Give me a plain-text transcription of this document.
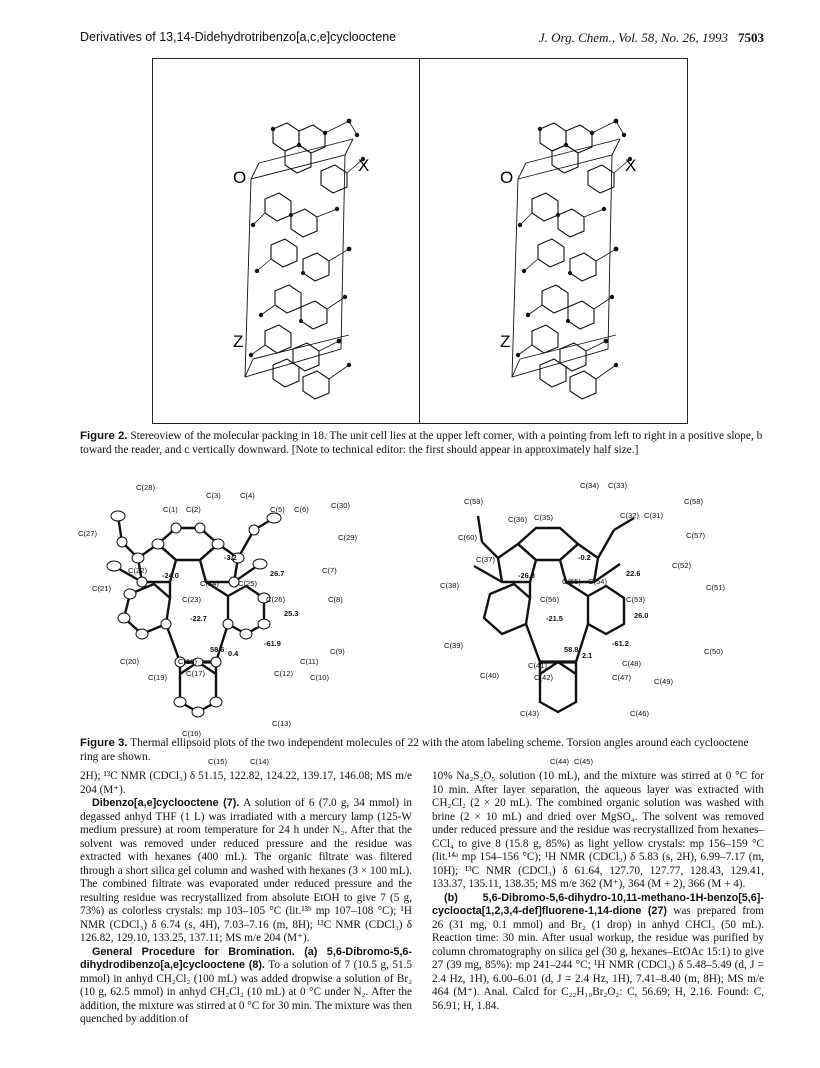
Derivatives of 13,14-Didehydrotribenzo[a,c,e]cyclooctene	J. Org. Chem., Vol. 58, No. 26, 1993 7503
O
X
Z
O
X
Z
Figure 2. Stereoview of the molecular packing in 18. The unit cell lies at the upper left corner, with a pointing from left to right in a positive slope, b toward the reader, and c vertically downward. [Note to technical editor: the first should appear in approximately half size.]
C(28)
C(3)	C(4)
C(30)
C(1) C(2)	C(5) C(6)
C(27)	C(29)
C(22)	C(7)
C(21)
C(24)	C(25)
C(23)	C(26)	C(8)
C(9)
C(20)	C(18)	C(11)
C(19)	C(17)	C(12) C(10)
C(13)
C(16)
C(15)	C(14)
-3.2
-24.0	26.7
-22.7
25.3
58.6 0.4
-61.9
C(34) C(33)
C(59)	C(58)
C(36) C(35)	C(32) C(31)
C(60)	C(57)
C(37)
C(52)
C(38)	C(55) C(54)
C(51)
C(56)	C(53)
C(39)
C(50)
C(41)	C(48)
C(40)	C(42)	C(47)	C(49)
C(43)	C(46)
C(44) C(45)
-0.2
-26.8	22.6
-21.5	26.0
58.8
2.1
-61.2
Figure 3. Thermal ellipsoid plots of the two independent molecules of 22 with the atom labeling scheme. Torsion angles around each cyclooctene ring are shown.

2H); ¹³C NMR (CDCl₃) δ 51.15, 122.82, 124.22, 139.17, 146.08; MS m/e 204 (M⁺).

Dibenzo[a,e]cyclooctene (7). A solution of 6 (7.0 g, 34 mmol) in degassed anhyd THF (1 L) was irradiated with a mercury lamp (125-W medium pressure) at room temperature for 24 h under N₂. After that the solvent was removed under reduced pressure and the residue was extracted with hexanes (400 mL). The organic filtrate was filtered through a short silica gel column and washed with hexanes (3 × 100 mL). The combined filtrate was evaporated under reduced pressure and the resulting residue was recrystallized from absolute EtOH to give 7 (5 g, 73%) as colorless crystals: mp 103–105 °C (lit.¹³ᵇ mp 107–108 °C); ¹H NMR (CDCl₃) δ 6.74 (s, 4H), 7.03–7.16 (m, 8H); ¹³C NMR (CDCl₃) δ 126.82, 129.10, 133.25, 137.11; MS m/e 204 (M⁺).

General Procedure for Bromination. (a) 5,6-Dibromo-5,6-dihydrodibenzo[a,e]cyclooctene (8). To a solution of 7 (10.5 g, 51.5 mmol) in anhyd CH₂Cl₂ (100 mL) was added dropwise a solution of Br₂ (10 g, 62.5 mmol) in anhyd CH₂Cl₂ (10 mL) at 0 °C under N₂. After the addition, the mixture was stirred at 0 °C for 30 min. The mixture was then quenched by addition of

10% Na₂S₂O₅ solution (10 mL), and the mixture was stirred at 0 °C for 10 min. After layer separation, the aqueous layer was extracted with CH₂Cl₂ (2 × 20 mL). The combined organic solution was washed with brine (2 × 10 mL) and dried over MgSO₄. The solvent was removed under reduced pressure and the residue was recrystallized from hexanes–CCl₄ to give 8 (15.8 g, 85%) as light yellow crystals: mp 156–159 °C (lit.¹⁴ᵃ mp 154–156 °C); ¹H NMR (CDCl₃) δ 5.83 (s, 2H), 6.99–7.17 (m, 10H); ¹³C NMR (CDCl₃) δ 61.64, 127.70, 127.77, 128.43, 129.41, 133.37, 135.11, 138.35; MS m/e 362 (M⁺), 364 (M + 2), 366 (M + 4).

(b) 5,6-Dibromo-5,6-dihydro-10,11-methano-1H-benzo[5,6]-cycloocta[1,2,3,4-def]fluorene-1,14-dione (27) was prepared from 26 (31 mg, 0.1 mmol) and Br₂ (1 drop) in anhyd CHCl₃ (50 mL). Reaction time: 30 min. After usual workup, the residue was purified by column chromatography on silica gel (30 g, hexanes–EtOAc 15:1) to give 27 (39 mg, 85%): mp 241–244 °C; ¹H NMR (CDCl₃) δ 5.48–5.49 (d, J = 2.4 Hz, 1H), 6.00–6.01 (d, J = 2.4 Hz, 1H), 7.41–8.40 (m, 8H); MS m/e 464 (M⁺). Anal. Calcd for C₂₂H₁₀Br₂O₂: C, 56.69; H, 2.16. Found: C, 56.91; H, 1.84.
